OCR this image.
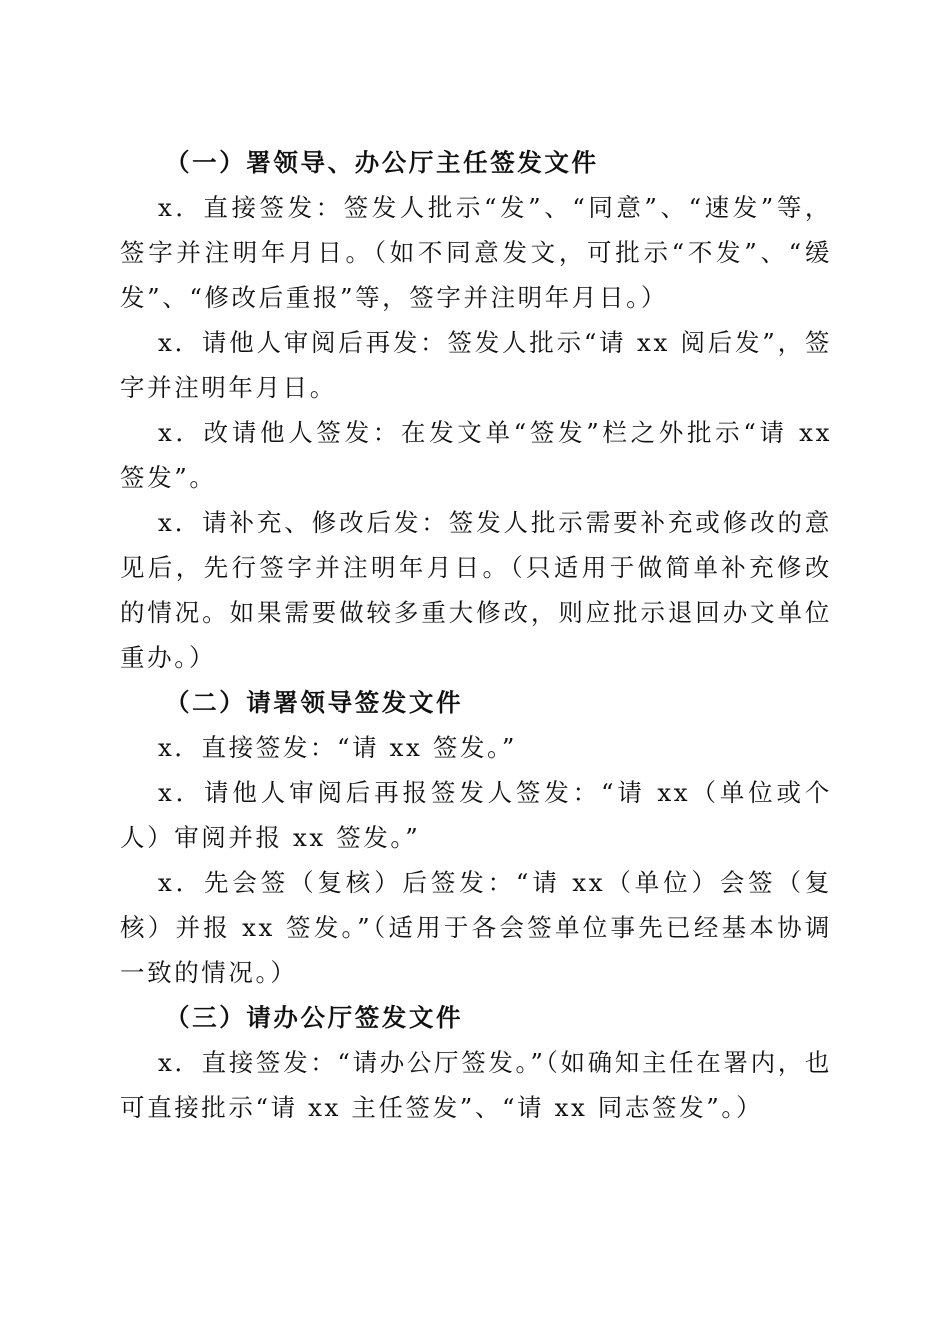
（一）署领导、办公厅主任签发文件

x．直接签发：签发人批示“发”、“同意”、“速发”等，签字并注明年月日。（如不同意发文，可批示“不发”、“缓发”、“修改后重报”等，签字并注明年月日。）

x．请他人审阅后再发：签发人批示“请 xx 阅后发”，签字并注明年月日。

x．改请他人签发：在发文单“签发”栏之外批示“请 xx 签发”。

x．请补充、修改后发：签发人批示需要补充或修改的意见后，先行签字并注明年月日。（只适用于做简单补充修改的情况。如果需要做较多重大修改，则应批示退回办文单位重办。）

（二）请署领导签发文件

x．直接签发：“请 xx 签发。”

x．请他人审阅后再报签发人签发：“请 xx（单位或个人）审阅并报 xx 签发。”

x．先会签（复核）后签发：“请 xx（单位）会签（复核）并报 xx 签发。”（适用于各会签单位事先已经基本协调一致的情况。）

（三）请办公厅签发文件

x．直接签发：“请办公厅签发。”（如确知主任在署内，也可直接批示“请 xx 主任签发”、“请 xx 同志签发”。）
